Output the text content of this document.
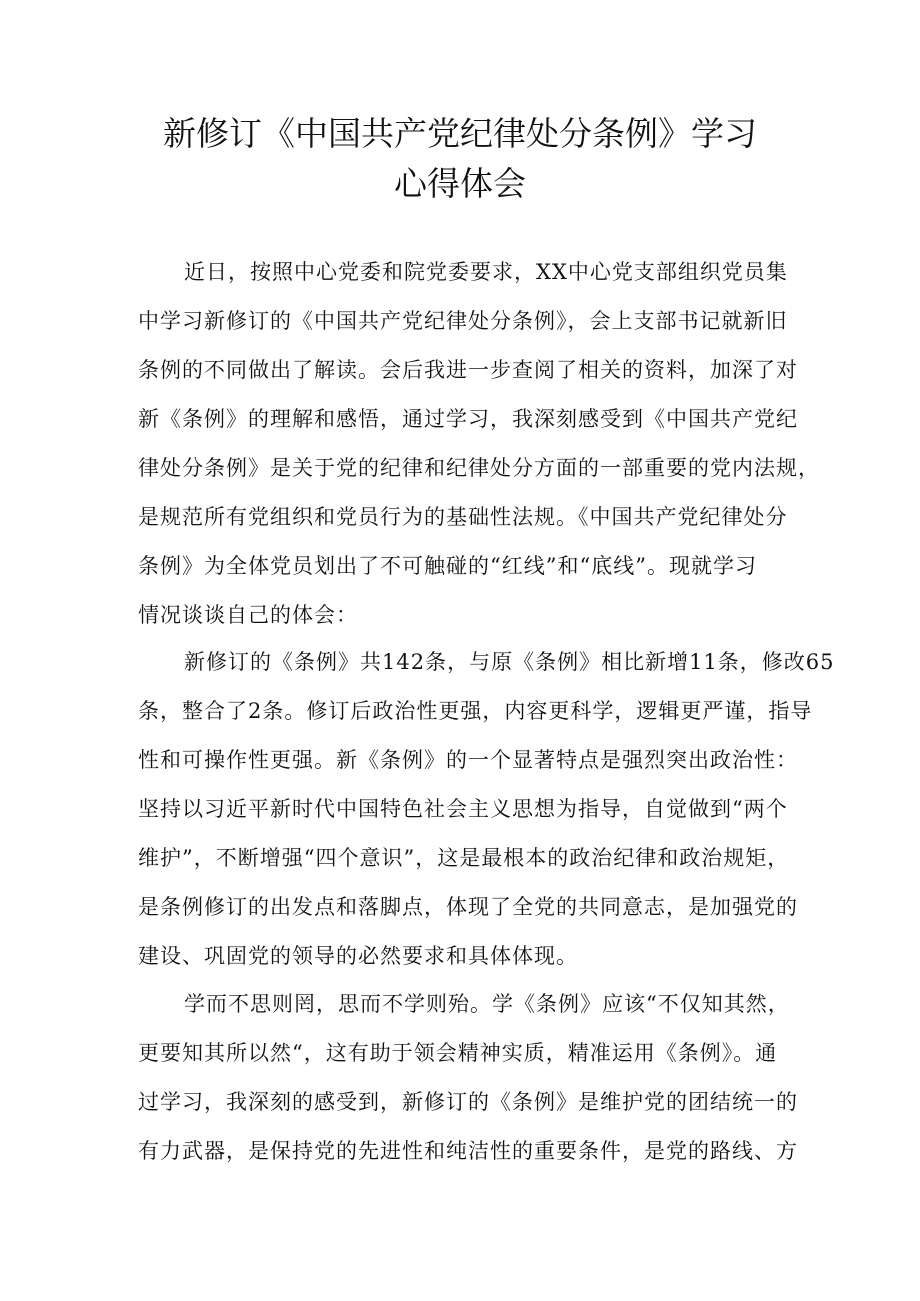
新修订《中国共产党纪律处分条例》学习
心得体会
近日，按照中心党委和院党委要求，XX中心党支部组织党员集
中学习新修订的《中国共产党纪律处分条例》，会上支部书记就新旧
条例的不同做出了解读。会后我进一步查阅了相关的资料，加深了对
新《条例》的理解和感悟，通过学习，我深刻感受到《中国共产党纪
律处分条例》是关于党的纪律和纪律处分方面的一部重要的党内法规，
是规范所有党组织和党员行为的基础性法规。《中国共产党纪律处分
条例》为全体党员划出了不可触碰的“红线”和“底线”。现就学习
情况谈谈自己的体会：
新修订的《条例》共142条，与原《条例》相比新增11条，修改65
条，整合了2条。修订后政治性更强，内容更科学，逻辑更严谨，指导
性和可操作性更强。新《条例》的一个显著特点是强烈突出政治性：
坚持以习近平新时代中国特色社会主义思想为指导，自觉做到“两个
维护”，不断增强“四个意识”，这是最根本的政治纪律和政治规矩，
是条例修订的出发点和落脚点，体现了全党的共同意志，是加强党的
建设、巩固党的领导的必然要求和具体体现。
学而不思则罔，思而不学则殆。学《条例》应该“不仅知其然，
更要知其所以然“，这有助于领会精神实质，精准运用《条例》。通
过学习，我深刻的感受到，新修订的《条例》是维护党的团结统一的
有力武器，是保持党的先进性和纯洁性的重要条件，是党的路线、方
